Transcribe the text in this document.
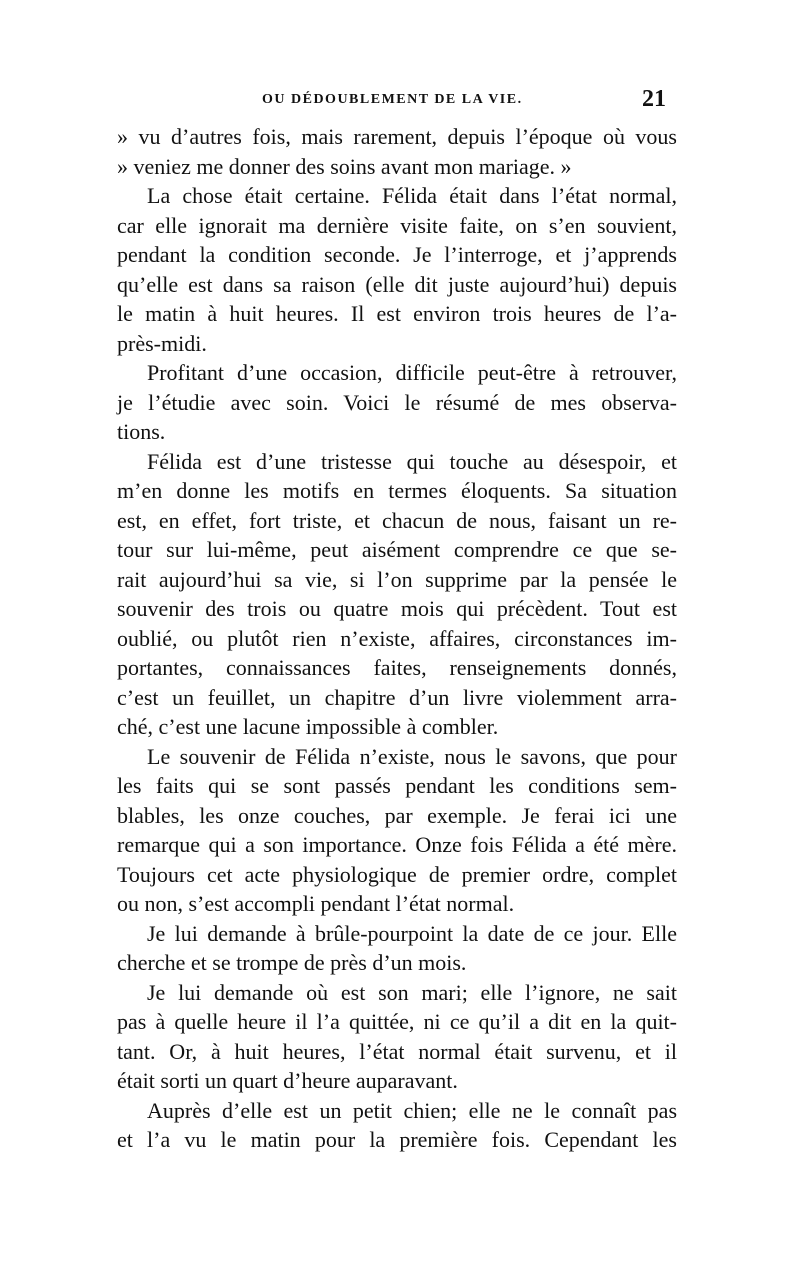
OU DÉDOUBLEMENT DE LA VIE.	21
» vu d’autres fois, mais rarement, depuis l’époque où vous
» veniez me donner des soins avant mon mariage. »
La chose était certaine. Félida était dans l’état normal,
car elle ignorait ma dernière visite faite, on s’en souvient,
pendant la condition seconde. Je l’interroge, et j’apprends
qu’elle est dans sa raison (elle dit juste aujourd’hui) depuis
le matin à huit heures. Il est environ trois heures de l’a-
près-midi.
Profitant d’une occasion, difficile peut-être à retrouver,
je l’étudie avec soin. Voici le résumé de mes observa-
tions.
Félida est d’une tristesse qui touche au désespoir, et
m’en donne les motifs en termes éloquents. Sa situation
est, en effet, fort triste, et chacun de nous, faisant un re-
tour sur lui-même, peut aisément comprendre ce que se-
rait aujourd’hui sa vie, si l’on supprime par la pensée le
souvenir des trois ou quatre mois qui précèdent. Tout est
oublié, ou plutôt rien n’existe, affaires, circonstances im-
portantes, connaissances faites, renseignements donnés,
c’est un feuillet, un chapitre d’un livre violemment arra-
ché, c’est une lacune impossible à combler.
Le souvenir de Félida n’existe, nous le savons, que pour
les faits qui se sont passés pendant les conditions sem-
blables, les onze couches, par exemple. Je ferai ici une
remarque qui a son importance. Onze fois Félida a été mère.
Toujours cet acte physiologique de premier ordre, complet
ou non, s’est accompli pendant l’état normal.
Je lui demande à brûle-pourpoint la date de ce jour. Elle
cherche et se trompe de près d’un mois.
Je lui demande où est son mari; elle l’ignore, ne sait
pas à quelle heure il l’a quittée, ni ce qu’il a dit en la quit-
tant. Or, à huit heures, l’état normal était survenu, et il
était sorti un quart d’heure auparavant.
Auprès d’elle est un petit chien; elle ne le connaît pas
et l’a vu le matin pour la première fois. Cependant les
